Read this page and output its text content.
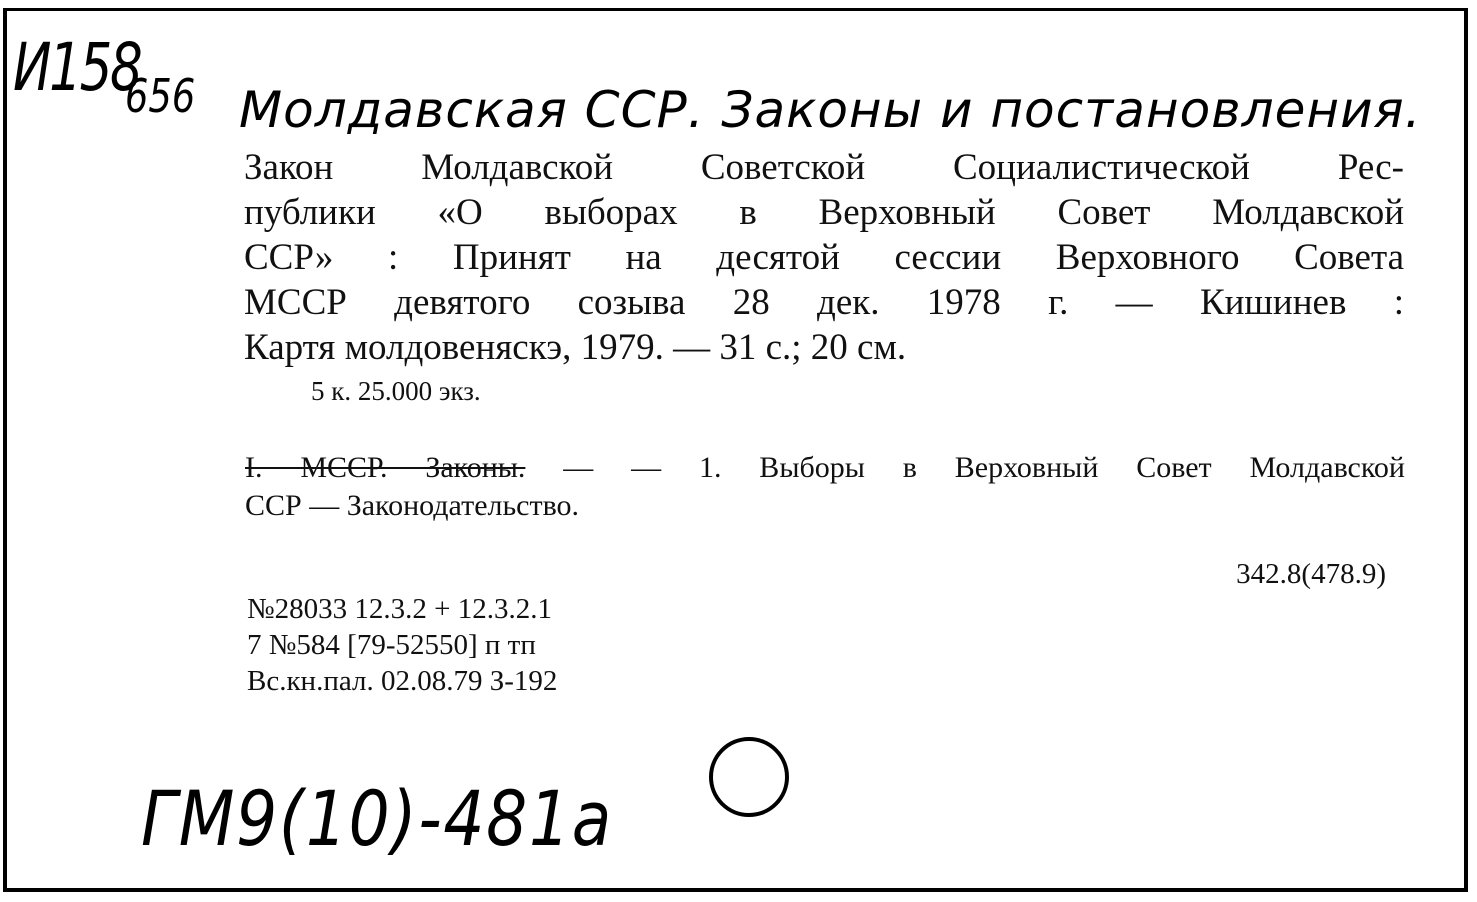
И158
656 Молдавская ССР. Законы и постановления.
Закон Молдавской Советской Социалистической Рес-
публики «О выборах в Верховный Совет Молдавской
ССР» : Принят на десятой сессии Верховного Совета
МССР девятого созыва 28 дек. 1978 г. — Кишинев :
Картя молдовеняскэ, 1979. — 31 с.; 20 см.
5 к. 25.000 экз.
I. МССР. Законы. — — 1. Выборы в Верховный Совет Молдавской
ССР — Законодательство.
342.8(478.9)
№28033 12.3.2 + 12.3.2.1
7 №584 [79-52550] п тп
Вс.кн.пал. 02.08.79 З-192
ГМ9(10)-481а
